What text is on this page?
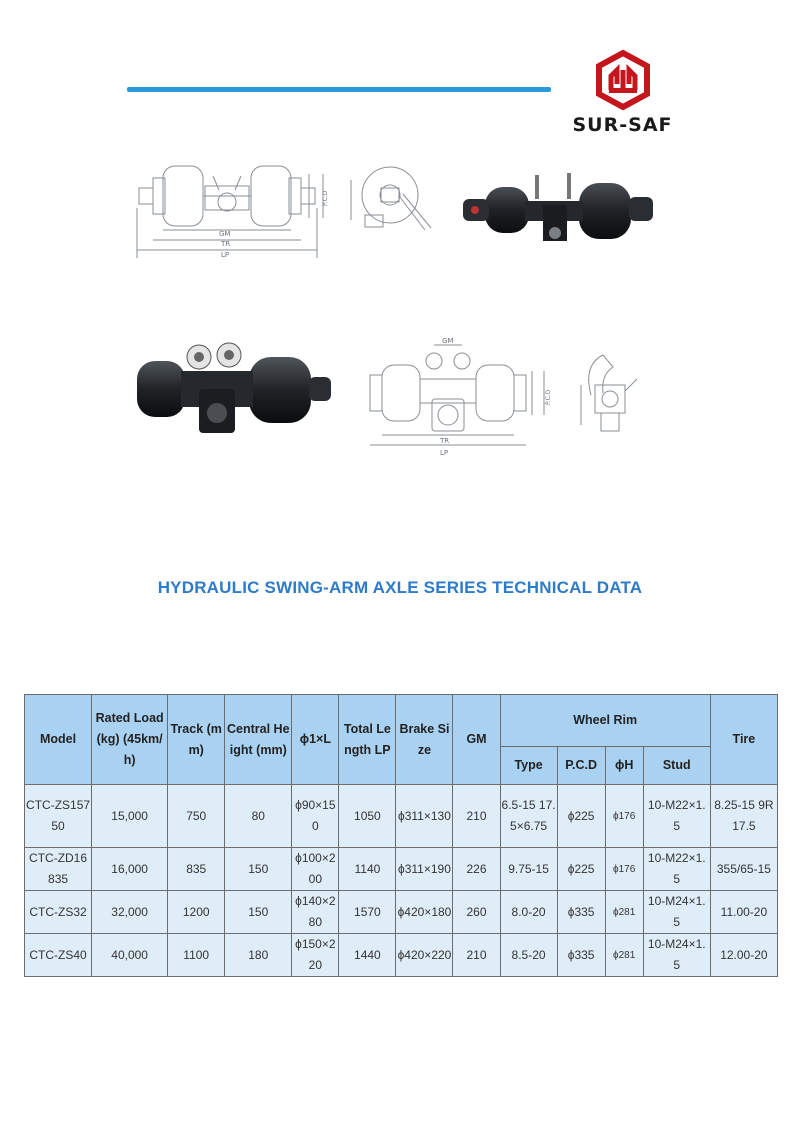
SUR-SAF
GM
TR
LP
P.C.D
GM
TR
LP
P.C.D
HYDRAULIC SWING-ARM AXLE SERIES TECHNICAL DATA
Model	Rated Load (kg) (45km/h)	Track (mm)	Central Height (mm)	ϕ1×L	Total Length LP	Brake Size	GM	Wheel Rim				Tire
								Type	P.C.D	ϕH	Stud	
CTC-ZS15750	15,000	750	80	ϕ90×150	1050	ϕ311×130	210	6.5-15 17.5×6.75	ϕ225	ϕ176	10-M22×1.5	8.25-15 9R17.5
CTC-ZD16835	16,000	835	150	ϕ100×200	1140	ϕ311×190	226	9.75-15	ϕ225	ϕ176	10-M22×1.5	355/65-15
CTC-ZS32	32,000	1200	150	ϕ140×280	1570	ϕ420×180	260	8.0-20	ϕ335	ϕ281	10-M24×1.5	11.00-20
CTC-ZS40	40,000	1100	180	ϕ150×220	1440	ϕ420×220	210	8.5-20	ϕ335	ϕ281	10-M24×1.5	12.00-20
